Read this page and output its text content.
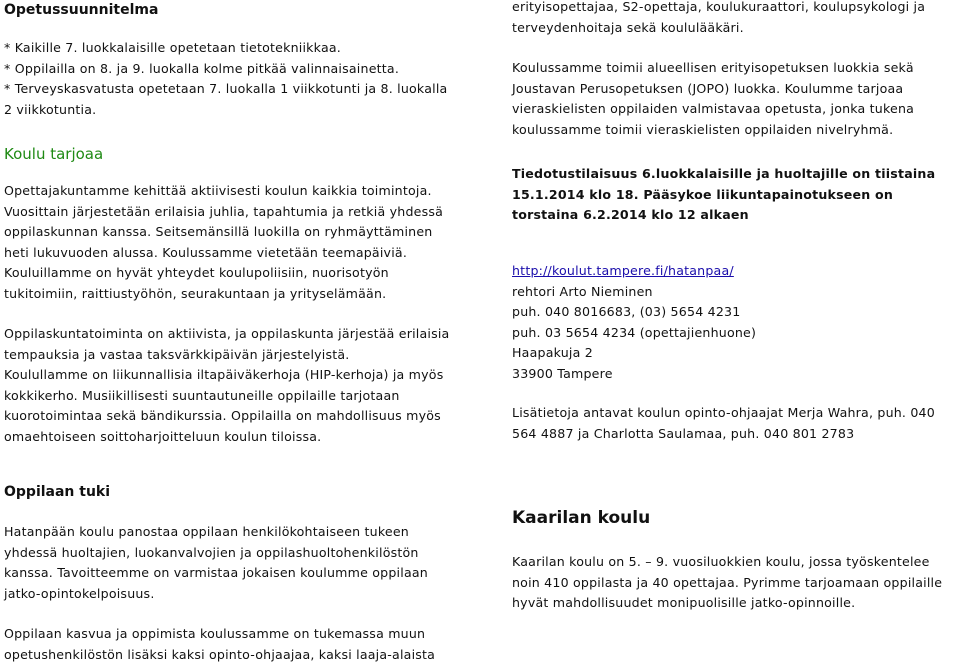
Opetussuunnitelma

* Kaikille 7. luokkalaisille opetetaan tietotekniikkaa.
* Oppilailla on 8. ja 9. luokalla kolme pitkää valinnaisainetta.
* Terveyskasvatusta opetetaan 7. luokalla 1 viikkotunti ja 8. luokalla
2 viikkotuntia.

Koulu tarjoaa

Opettajakuntamme kehittää aktiivisesti koulun kaikkia toimintoja.
Vuosittain järjestetään erilaisia juhlia, tapahtumia ja retkiä yhdessä
oppilaskunnan kanssa. Seitsemänsillä luokilla on ryhmäyttäminen
heti lukuvuoden alussa. Koulussamme vietetään teemapäiviä.
Kouluillamme on hyvät yhteydet koulupoliisiin, nuorisotyön
tukitoimiin, raittiustyöhön, seurakuntaan ja yrityselämään.

Oppilaskuntatoiminta on aktiivista, ja oppilaskunta järjestää erilaisia
tempauksia ja vastaa taksvärkkipäivän järjestelyistä.
Koulullamme on liikunnallisia iltapäiväkerhoja (HIP-kerhoja) ja myös
kokkikerho. Musiikillisesti suuntautuneille oppilaille tarjotaan
kuorotoimintaa sekä bändikurssia. Oppilailla on mahdollisuus myös
omaehtoiseen soittoharjoitteluun koulun tiloissa.

Oppilaan tuki

Hatanpään koulu panostaa oppilaan henkilökohtaiseen tukeen
yhdessä huoltajien, luokanvalvojien ja oppilashuoltohenkilöstön
kanssa. Tavoitteemme on varmistaa jokaisen koulumme oppilaan
jatko-opintokelpoisuus.

Oppilaan kasvua ja oppimista koulussamme on tukemassa muun
opetushenkilöstön lisäksi kaksi opinto-ohjaajaa, kaksi laaja-alaista

erityisopettajaa, S2-opettaja, koulukuraattori, koulupsykologi ja
terveydenhoitaja sekä koululääkäri.

Koulussamme toimii alueellisen erityisopetuksen luokkia sekä
Joustavan Perusopetuksen (JOPO) luokka. Koulumme tarjoaa
vieraskielisten oppilaiden valmistavaa opetusta, jonka tukena
koulussamme toimii vieraskielisten oppilaiden nivelryhmä.

Tiedotustilaisuus 6.luokkalaisille ja huoltajille on tiistaina
15.1.2014 klo 18. Pääsykoe liikuntapainotukseen on
torstaina 6.2.2014 klo 12 alkaen

http://koulut.tampere.fi/hatanpaa/
rehtori Arto Nieminen
puh. 040 8016683, (03) 5654 4231
puh. 03 5654 4234 (opettajienhuone)
Haapakuja 2
33900 Tampere

Lisätietoja antavat koulun opinto-ohjaajat Merja Wahra, puh. 040
564 4887 ja Charlotta Saulamaa, puh. 040 801 2783

Kaarilan koulu

Kaarilan koulu on 5. – 9. vuosiluokkien koulu, jossa työskentelee
noin 410 oppilasta ja 40 opettajaa. Pyrimme tarjoamaan oppilaille
hyvät mahdollisuudet monipuolisille jatko-opinnoille.
